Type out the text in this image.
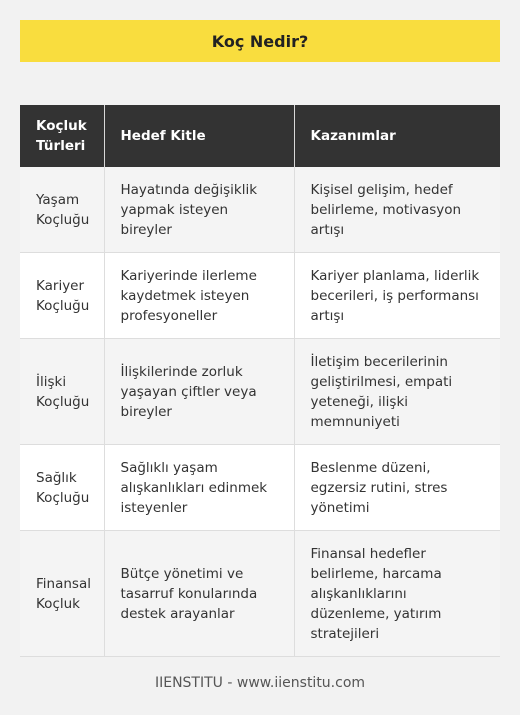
Koç Nedir?
Koçluk Türleri	Hedef Kitle	Kazanımlar
Yaşam Koçluğu	Hayatında değişiklik yapmak isteyen bireyler	Kişisel gelişim, hedef belirleme, motivasyon artışı
Kariyer Koçluğu	Kariyerinde ilerleme kaydetmek isteyen profesyoneller	Kariyer planlama, liderlik becerileri, iş performansı artışı
İlişki Koçluğu	İlişkilerinde zorluk yaşayan çiftler veya bireyler	İletişim becerilerinin geliştirilmesi, empati yeteneği, ilişki memnuniyeti
Sağlık Koçluğu	Sağlıklı yaşam alışkanlıkları edinmek isteyenler	Beslenme düzeni, egzersiz rutini, stres yönetimi
Finansal Koçluk	Bütçe yönetimi ve tasarruf konularında destek arayanlar	Finansal hedefler belirleme, harcama alışkanlıklarını düzenleme, yatırım stratejileri
IIENSTITU - www.iienstitu.com
